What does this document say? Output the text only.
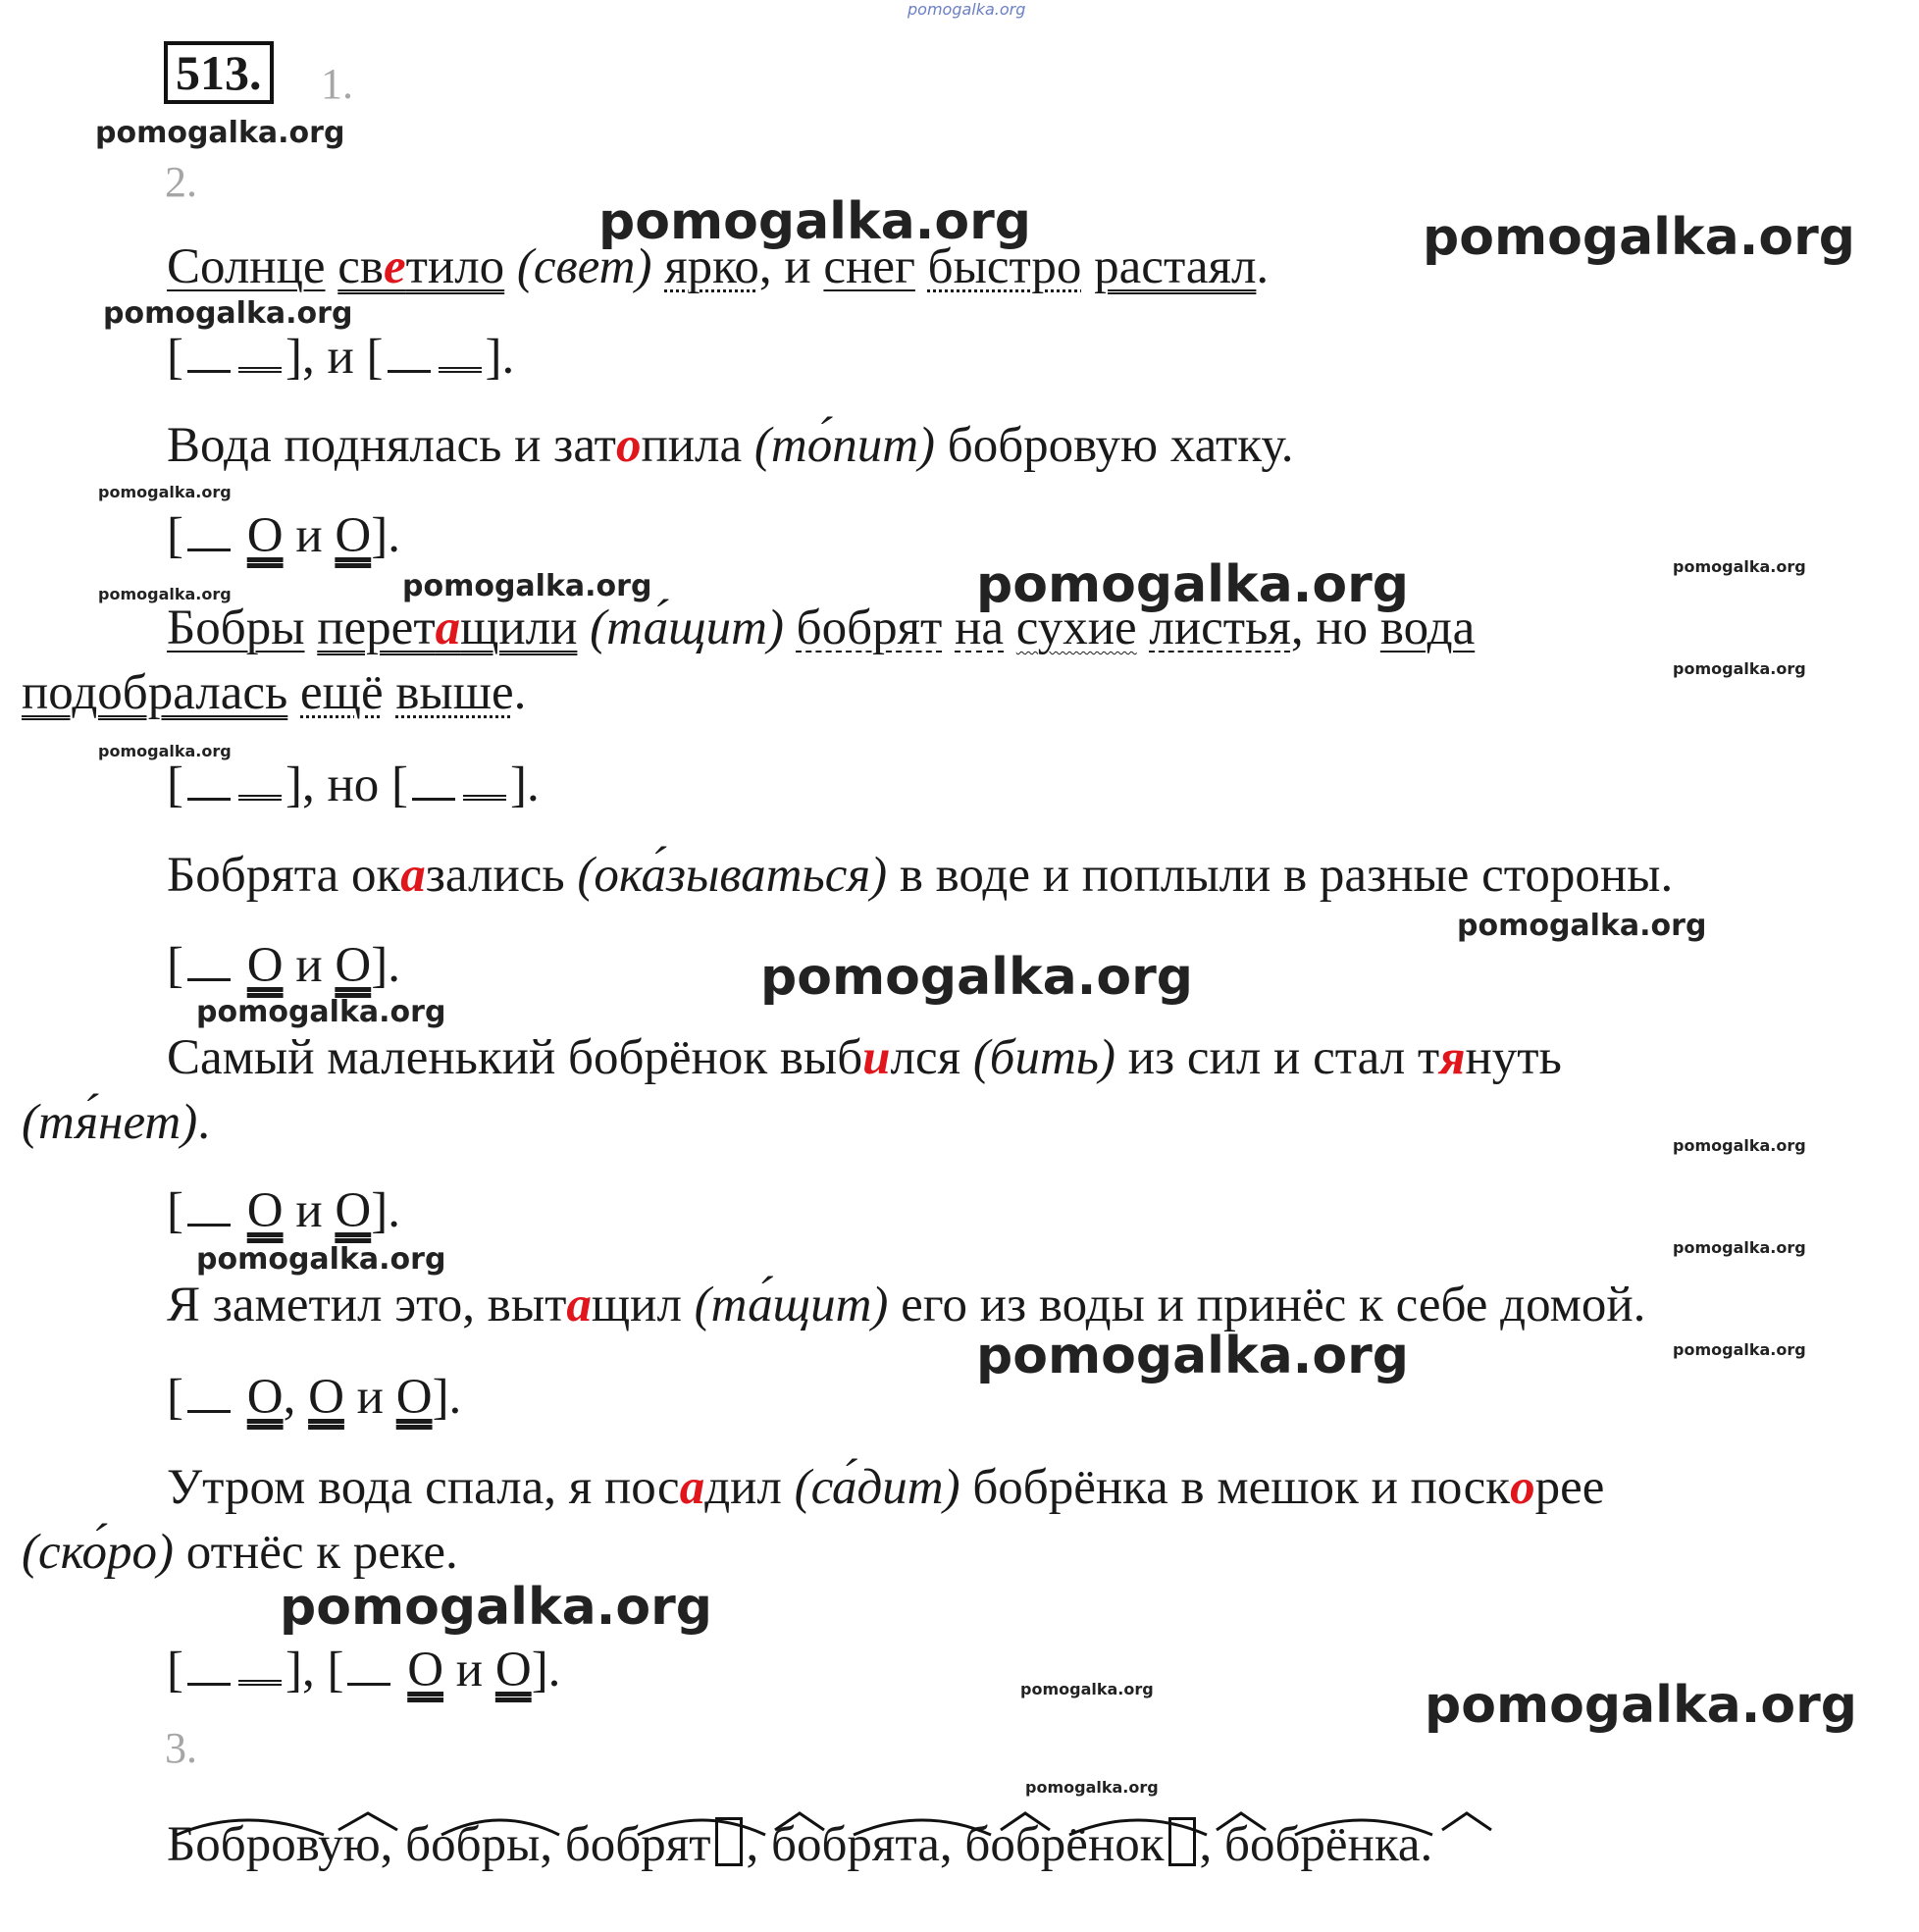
pomogalka.org
513. 1.
2.
Солнце светило (свет) ярко, и снег быстро растаял.
[ ], и [ ].
Вода поднялась и затопила (то́пит) бобровую хатку.
[ О и О].
Бобры перетащили (та́щит) бобрят на сухие листья, но вода
подобралась ещё выше.
[ ], но [ ].
Бобрята оказались (ока́зываться) в воде и поплыли в разные стороны.
[ О и О].
Самый маленький бобрёнок выбился (бить) из сил и стал тянуть
(тя́нет).
[ О и О].
Я заметил это, вытащил (та́щит) его из воды и принёс к себе домой.
[ О, О и О].
Утром вода спала, я посадил (са́дит) бобрёнка в мешок и поскорее
(ско́ро) отнёс к реке.
[ ], [ О и О].
3.
Бобровую, бобры, бобрят , бобрята, бобрёнок , бобрёнка.
pomogalka.org
pomogalka.org	pomogalka.org
pomogalka.org
pomogalka.org
pomogalka.org	pomogalka.org	pomogalka.org	pomogalka.org
pomogalka.org
pomogalka.org
pomogalka.org
pomogalka.org
pomogalka.org
pomogalka.org
pomogalka.org	pomogalka.org
pomogalka.org	pomogalka.org
pomogalka.org
pomogalka.org	pomogalka.org
pomogalka.org
